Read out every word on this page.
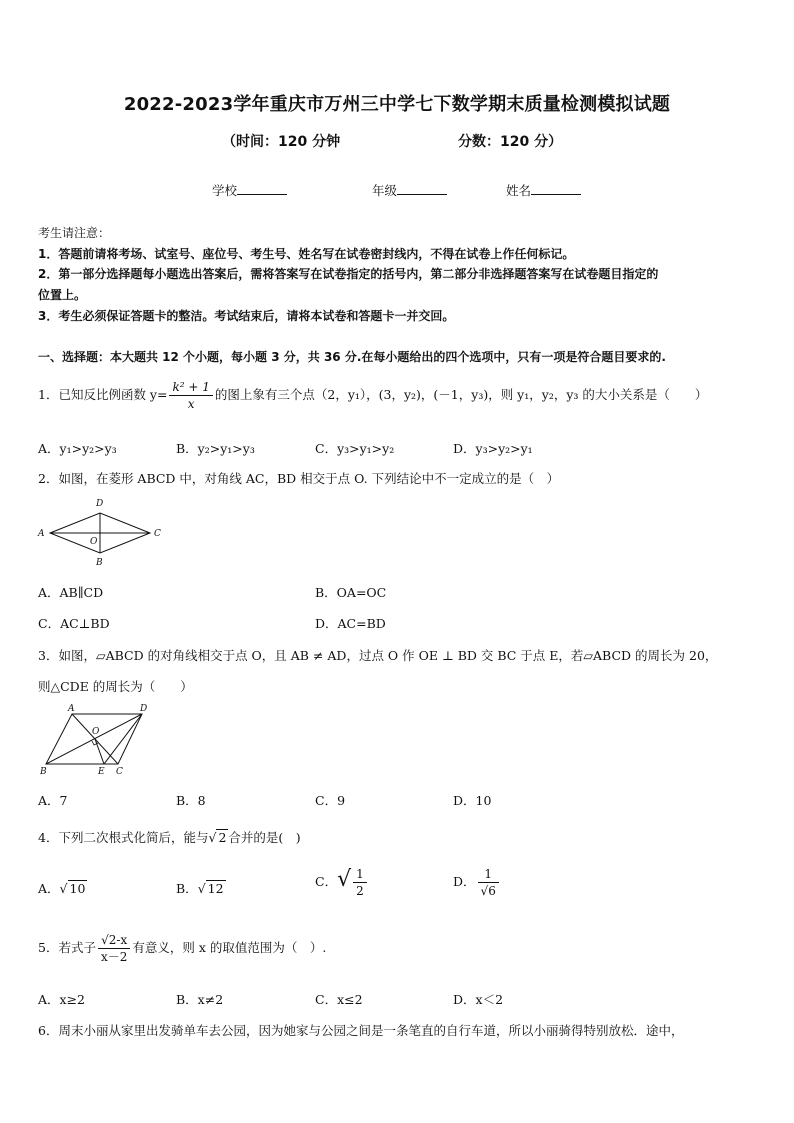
2022-2023学年重庆市万州三中学七下数学期末质量检测模拟试题
（时间：120 分钟	分数：120 分）
学校	年级	姓名
考生请注意：
1．答题前请将考场、试室号、座位号、考生号、姓名写在试卷密封线内，不得在试卷上作任何标记。
2．第一部分选择题每小题选出答案后，需将答案写在试卷指定的括号内，第二部分非选择题答案写在试卷题目指定的
位置上。
3．考生必须保证答题卡的整洁。考试结束后，请将本试卷和答题卡一并交回。
一、选择题：本大题共 12 个小题，每小题 3 分，共 36 分.在每小题给出的四个选项中，只有一项是符合题目要求的.
1．已知反比例函数 $y= \frac{\text{k² + 1}}{x}$ 的图上象有三个点（2，y₁），(3，y₂)，(－1，y₃)，则 y₁，y₂，y₃ 的大小关系是（　　）
A．y₁>y₂>y₃	B．y₂>y₁>y₃	C．y₃>y₁>y₂	D．y₃>y₂>y₁
2．如图，在菱形 ABCD 中，对角线 AC，BD 相交于点 O. 下列结论中不一定成立的是（　）
A
B
C
D
O
A．AB∥CD	B．OA=OC
C．AC⊥BD	D．AC=BD
3．如图，▱ABCD 的对角线相交于点 O，且 AB ≠ AD，过点 O 作 OE ⊥ BD 交 BC 于点 E，若▱ABCD 的周长为 20，
则△CDE 的周长为（　　）
A	D
O
B	E C
A．7	B．8	C．9	D．10
4．下列二次根式化简后，能与√ 2 合并的是(　)
A．√ 10	B．√ 12	C．√ $\frac{1}{2}$	D． $\frac{1}{√6}$
5．若式子 $\frac{√2-x}{x-2}$ 有意义，则 x 的取值范围为（　）.
A．x≥2	B．x≠2	C．x≤2	D．x＜2
6．周末小丽从家里出发骑单车去公园，因为她家与公园之间是一条笔直的自行车道，所以小丽骑得特别放松．途中，
